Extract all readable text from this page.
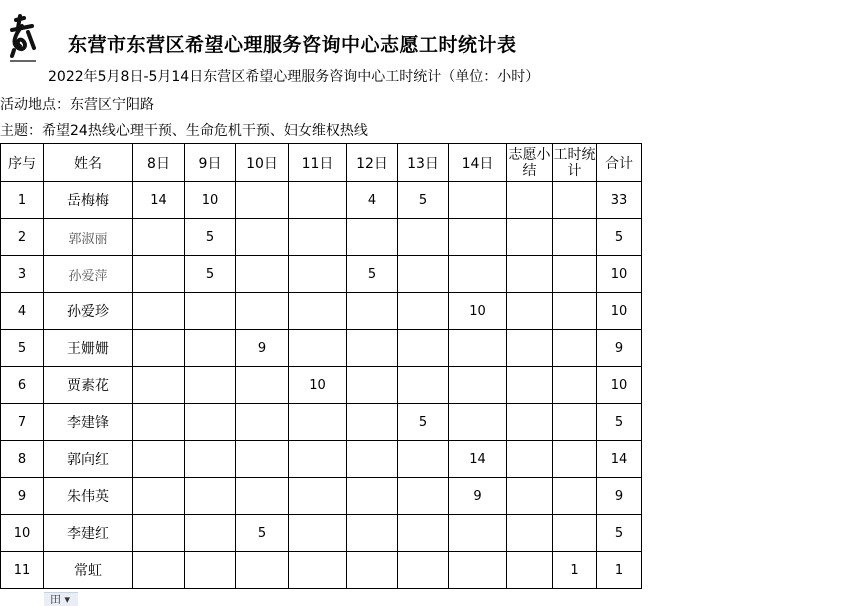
东营市东营区希望心理服务咨询中心志愿工时统计表
2022年5月8日-5月14日东营区希望心理服务咨询中心工时统计（单位：小时）
活动地点：东营区宁阳路
主题：希望24热线心理干预、生命危机干预、妇女维权热线
序与	姓名	8日	9日	10日	11日	12日	13日	14日	志愿小结	工时统计	合计
1	岳梅梅	14	10			4	5				33
2	郭淑丽		5								5
3	孙爱萍		5			5					10
4	孙爱珍							10			10
5	王姗姗			9							9
6	贾素花				10						10
7	李建锋						5				5
8	郭向红							14			14
9	朱伟英							9			9
10	李建红			5							5
11	常虹									1	1
田 ▾
